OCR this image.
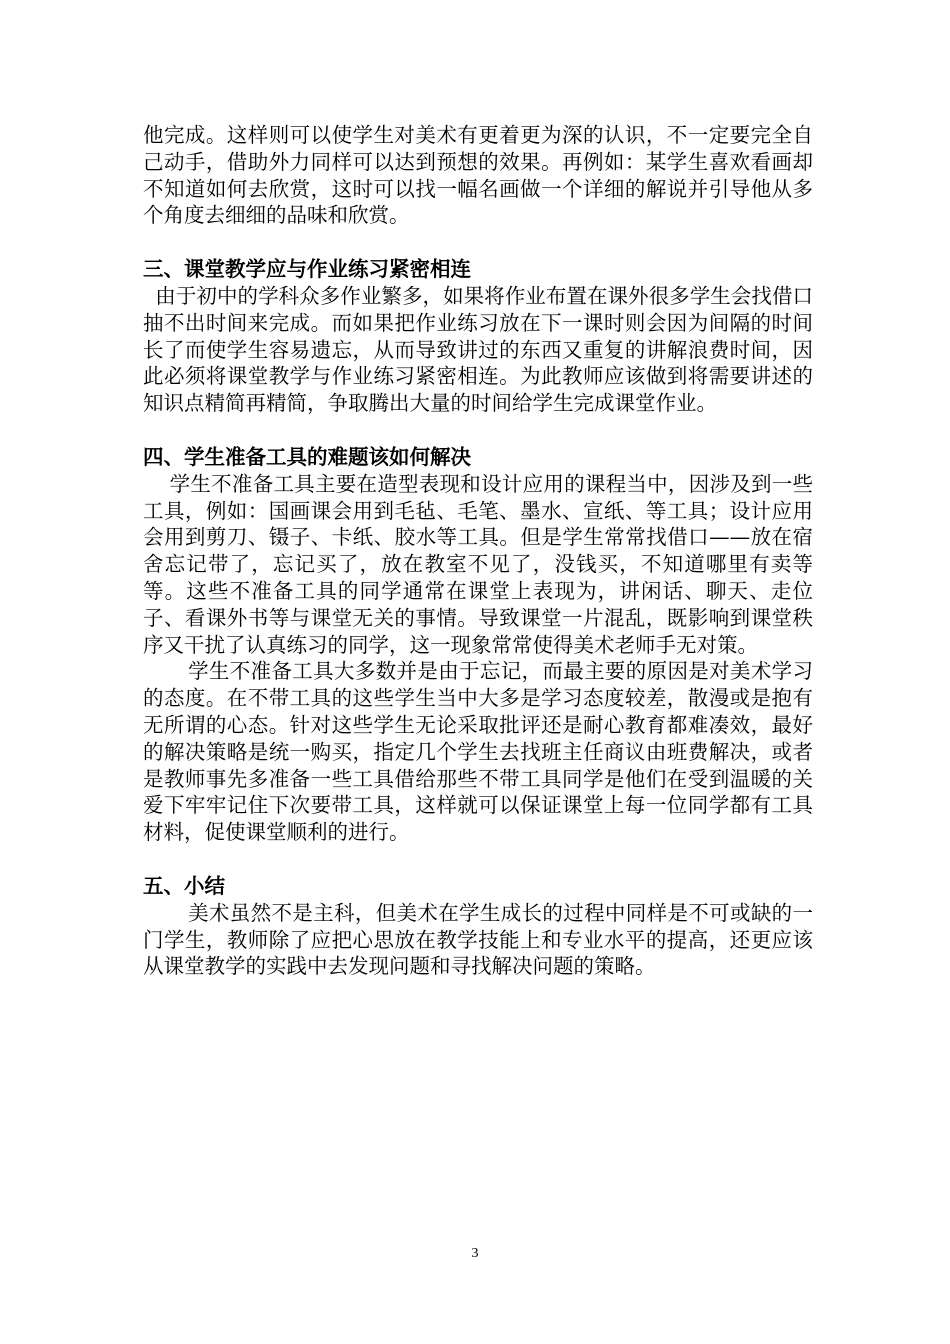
他完成。这样则可以使学生对美术有更着更为深的认识，不一定要完全自己动手，借助外力同样可以达到预想的效果。再例如：某学生喜欢看画却不知道如何去欣赏，这时可以找一幅名画做一个详细的解说并引导他从多个角度去细细的品味和欣赏。

三、课堂教学应与作业练习紧密相连

由于初中的学科众多作业繁多，如果将作业布置在课外很多学生会找借口抽不出时间来完成。而如果把作业练习放在下一课时则会因为间隔的时间长了而使学生容易遗忘，从而导致讲过的东西又重复的讲解浪费时间，因此必须将课堂教学与作业练习紧密相连。为此教师应该做到将需要讲述的知识点精简再精简，争取腾出大量的时间给学生完成课堂作业。

四、学生准备工具的难题该如何解决

学生不准备工具主要在造型表现和设计应用的课程当中，因涉及到一些工具，例如：国画课会用到毛毡、毛笔、墨水、宣纸、等工具；设计应用会用到剪刀、镊子、卡纸、胶水等工具。但是学生常常找借口——放在宿舍忘记带了，忘记买了，放在教室不见了，没钱买，不知道哪里有卖等等。这些不准备工具的同学通常在课堂上表现为，讲闲话、聊天、走位子、看课外书等与课堂无关的事情。导致课堂一片混乱，既影响到课堂秩序又干扰了认真练习的同学，这一现象常常使得美术老师手无对策。

学生不准备工具大多数并是由于忘记，而最主要的原因是对美术学习的态度。在不带工具的这些学生当中大多是学习态度较差，散漫或是抱有无所谓的心态。针对这些学生无论采取批评还是耐心教育都难凑效，最好的解决策略是统一购买，指定几个学生去找班主任商议由班费解决，或者是教师事先多准备一些工具借给那些不带工具同学是他们在受到温暖的关爱下牢牢记住下次要带工具，这样就可以保证课堂上每一位同学都有工具材料，促使课堂顺利的进行。

五、小结

美术虽然不是主科，但美术在学生成长的过程中同样是不可或缺的一门学生，教师除了应把心思放在教学技能上和专业水平的提高，还更应该从课堂教学的实践中去发现问题和寻找解决问题的策略。

3
